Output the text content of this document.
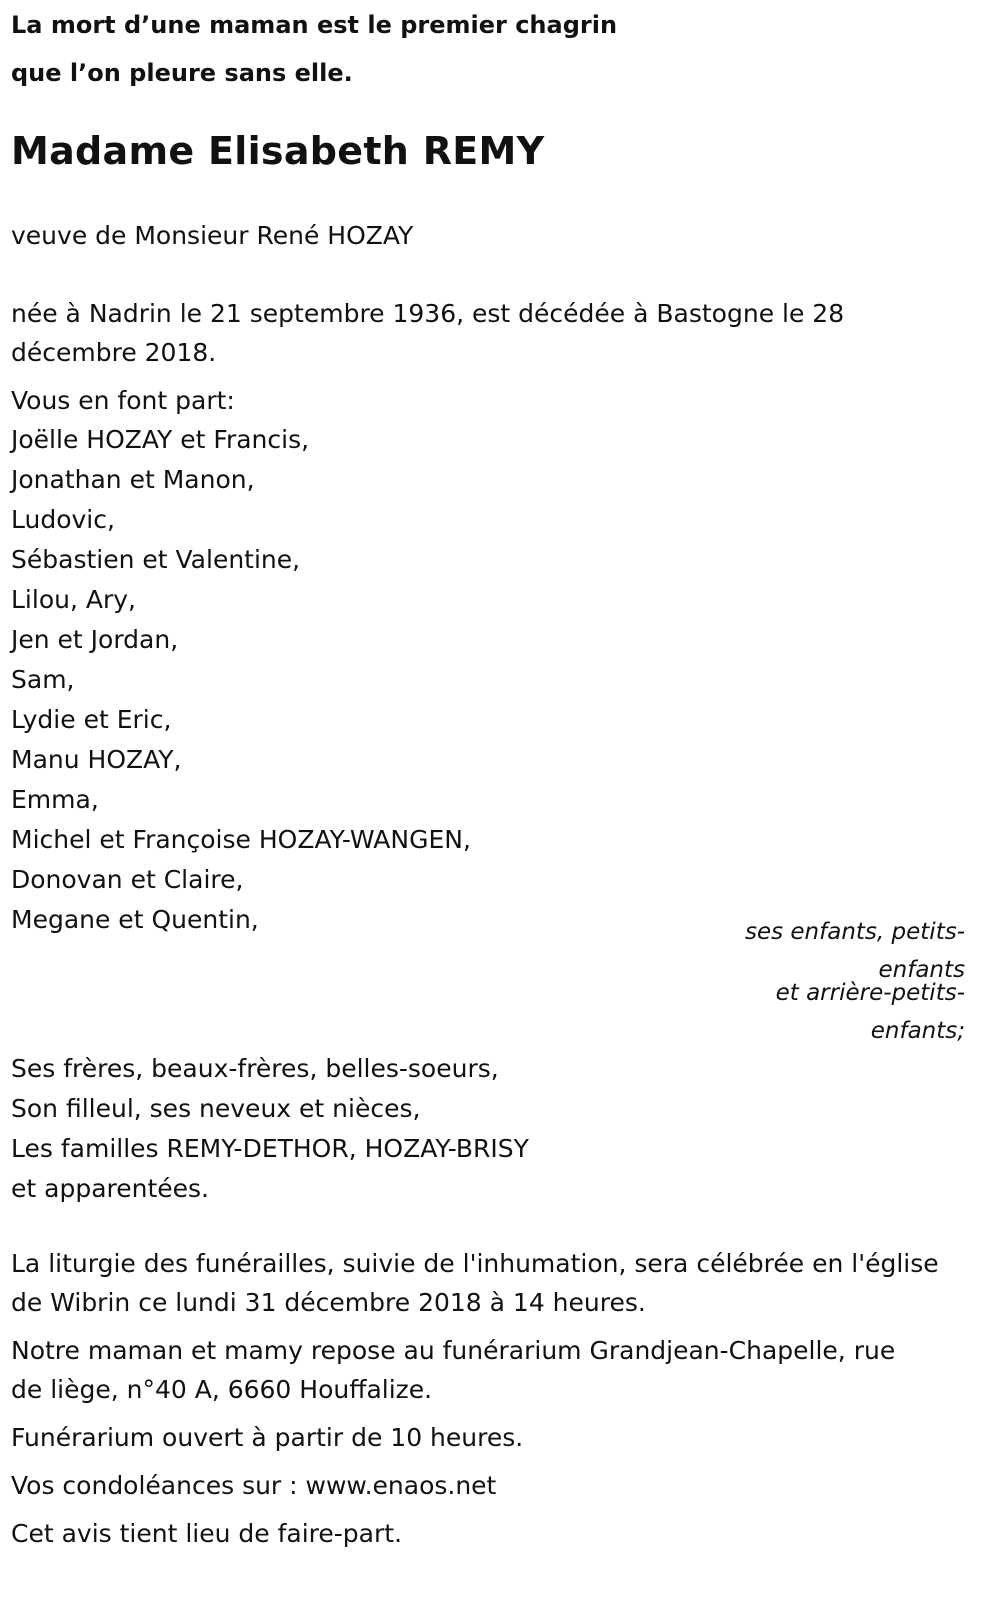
La mort d’une maman est le premier chagrin
que l’on pleure sans elle.
Madame Elisabeth REMY
veuve de Monsieur René HOZAY
née à Nadrin le 21 septembre 1936, est décédée à Bastogne le 28
décembre 2018.
Vous en font part:
Joëlle HOZAY et Francis,
Jonathan et Manon,
Ludovic,
Sébastien et Valentine,
Lilou, Ary,
Jen et Jordan,
Sam,
Lydie et Eric,
Manu HOZAY,
Emma,
Michel et Françoise HOZAY-WANGEN,
Donovan et Claire,
Megane et Quentin,	ses enfants, petits-
enfants
et arrière-petits-
enfants;
Ses frères, beaux-frères, belles-soeurs,
Son filleul, ses neveux et nièces,
Les familles REMY-DETHOR, HOZAY-BRISY
et apparentées.
La liturgie des funérailles, suivie de l'inhumation, sera célébrée en l'église
de Wibrin ce lundi 31 décembre 2018 à 14 heures.
Notre maman et mamy repose au funérarium Grandjean-Chapelle, rue
de liège, n°40 A, 6660 Houffalize.
Funérarium ouvert à partir de 10 heures.
Vos condoléances sur : www.enaos.net
Cet avis tient lieu de faire-part.
